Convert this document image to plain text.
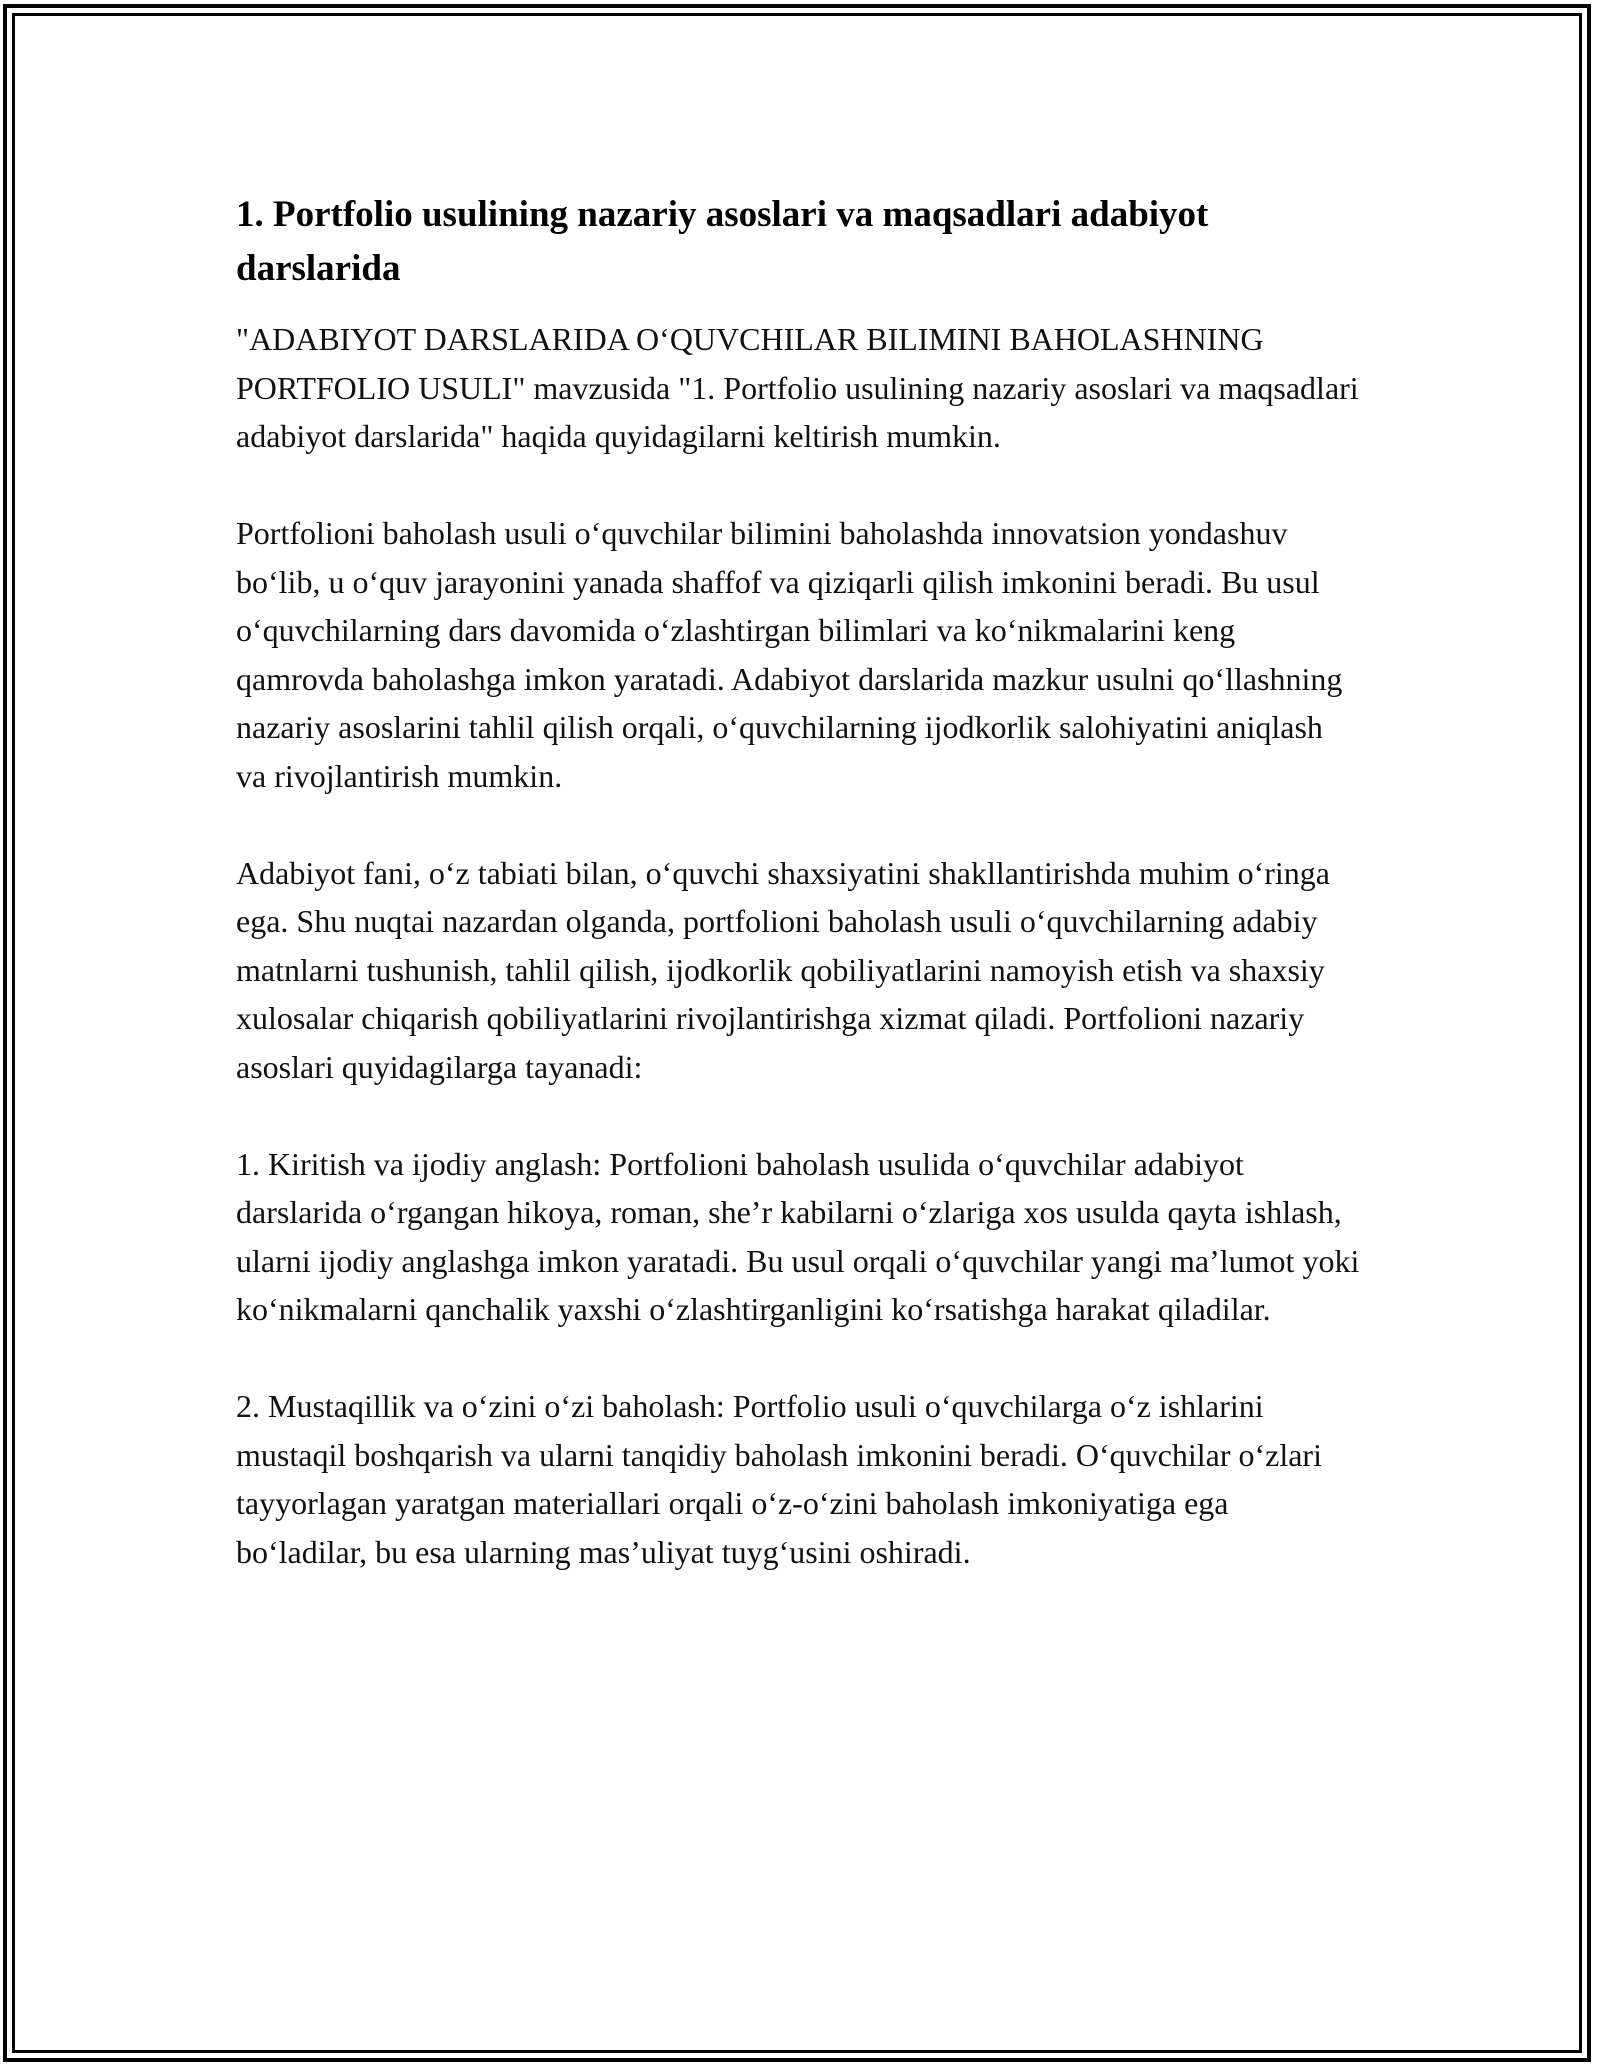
1. Portfolio usulining nazariy asoslari va maqsadlari adabiyot darslarida

"ADABIYOT DARSLARIDA O‘QUVCHILAR BILIMINI BAHOLASHNING PORTFOLIO USULI" mavzusida "1. Portfolio usulining nazariy asoslari va maqsadlari adabiyot darslarida" haqida quyidagilarni keltirish mumkin.

Portfolioni baholash usuli o‘quvchilar bilimini baholashda innovatsion yondashuv bo‘lib, u o‘quv jarayonini yanada shaffof va qiziqarli qilish imkonini beradi. Bu usul o‘quvchilarning dars davomida o‘zlashtirgan bilimlari va ko‘nikmalarini keng qamrovda baholashga imkon yaratadi. Adabiyot darslarida mazkur usulni qo‘llashning nazariy asoslarini tahlil qilish orqali, o‘quvchilarning ijodkorlik salohiyatini aniqlash va rivojlantirish mumkin.

Adabiyot fani, o‘z tabiati bilan, o‘quvchi shaxsiyatini shakllantirishda muhim o‘ringa ega. Shu nuqtai nazardan olganda, portfolioni baholash usuli o‘quvchilarning adabiy matnlarni tushunish, tahlil qilish, ijodkorlik qobiliyatlarini namoyish etish va shaxsiy xulosalar chiqarish qobiliyatlarini rivojlantirishga xizmat qiladi. Portfolioni nazariy asoslari quyidagilarga tayanadi:

1. Kiritish va ijodiy anglash: Portfolioni baholash usulida o‘quvchilar adabiyot darslarida o‘rgangan hikoya, roman, she’r kabilarni o‘zlariga xos usulda qayta ishlash, ularni ijodiy anglashga imkon yaratadi. Bu usul orqali o‘quvchilar yangi ma’lumot yoki ko‘nikmalarni qanchalik yaxshi o‘zlashtirganligini ko‘rsatishga harakat qiladilar.

2. Mustaqillik va o‘zini o‘zi baholash: Portfolio usuli o‘quvchilarga o‘z ishlarini mustaqil boshqarish va ularni tanqidiy baholash imkonini beradi. O‘quvchilar o‘zlari tayyorlagan yaratgan materiallari orqali o‘z-o‘zini baholash imkoniyatiga ega bo‘ladilar, bu esa ularning mas’uliyat tuyg‘usini oshiradi.
